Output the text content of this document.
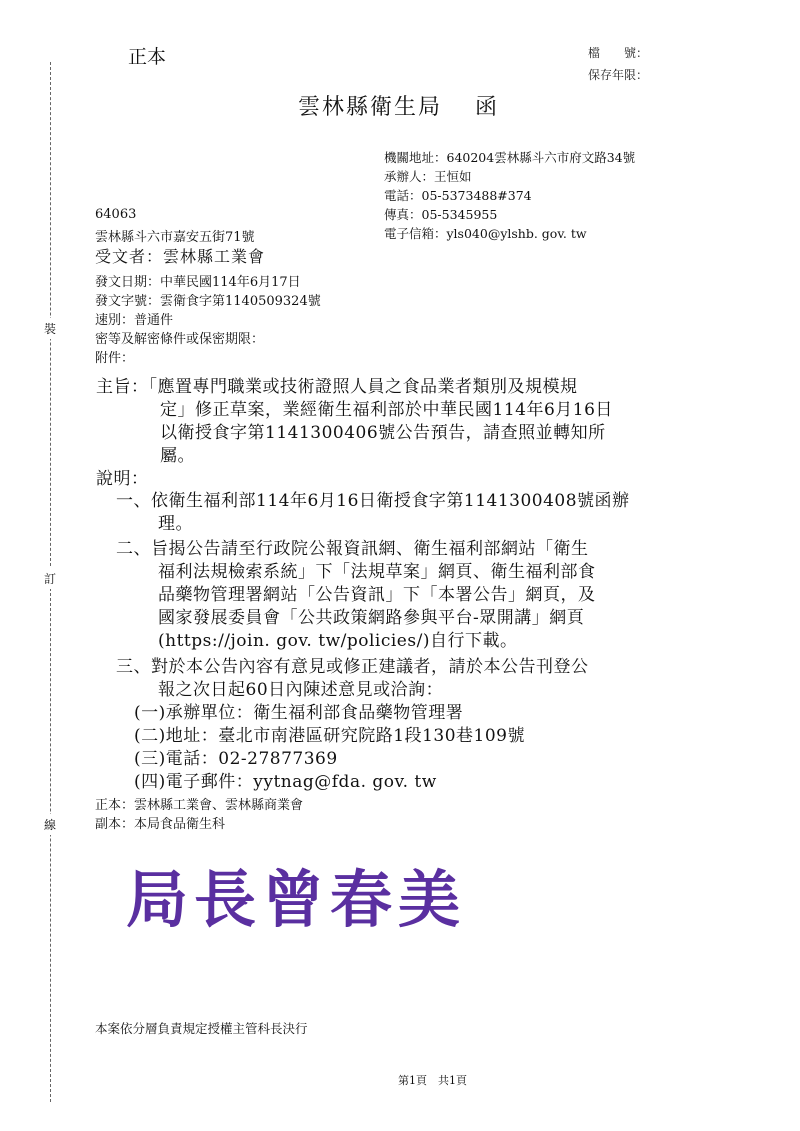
裝
訂
線
正本	檔　　號：
保存年限：
雲林縣衛生局　 函
機關地址：640204雲林縣斗六市府文路34號
承辦人：王恒如
電話：05-5373488#374
傳真：05-5345955
電子信箱：yls040@ylshb. gov. tw
64063
雲林縣斗六市嘉安五街71號
受文者：雲林縣工業會
發文日期：中華民國114年6月17日
發文字號：雲衛食字第1140509324號
速別：普通件
密等及解密條件或保密期限：
附件：
主旨：「應置專門職業或技術證照人員之食品業者類別及規模規
定」修正草案，業經衛生福利部於中華民國114年6月16日
以衛授食字第1141300406號公告預告，請查照並轉知所
屬。
說明：
一、依衛生福利部114年6月16日衛授食字第1141300408號函辦
理。
二、旨揭公告請至行政院公報資訊網、衛生福利部網站「衛生
福利法規檢索系統」下「法規草案」網頁、衛生福利部食
品藥物管理署網站「公告資訊」下「本署公告」網頁，及
國家發展委員會「公共政策網路參與平台-眾開講」網頁
(https://join. gov. tw/policies/)自行下載。
三、對於本公告內容有意見或修正建議者，請於本公告刊登公
報之次日起60日內陳述意見或洽詢：
(一)承辦單位：衛生福利部食品藥物管理署
(二)地址：臺北市南港區研究院路1段130巷109號
(三)電話：02-27877369
(四)電子郵件：yytnag@fda. gov. tw
正本：雲林縣工業會、雲林縣商業會
副本：本局食品衛生科
局長曾春美
本案依分層負責規定授權主管科長決行
第1頁　共1頁
